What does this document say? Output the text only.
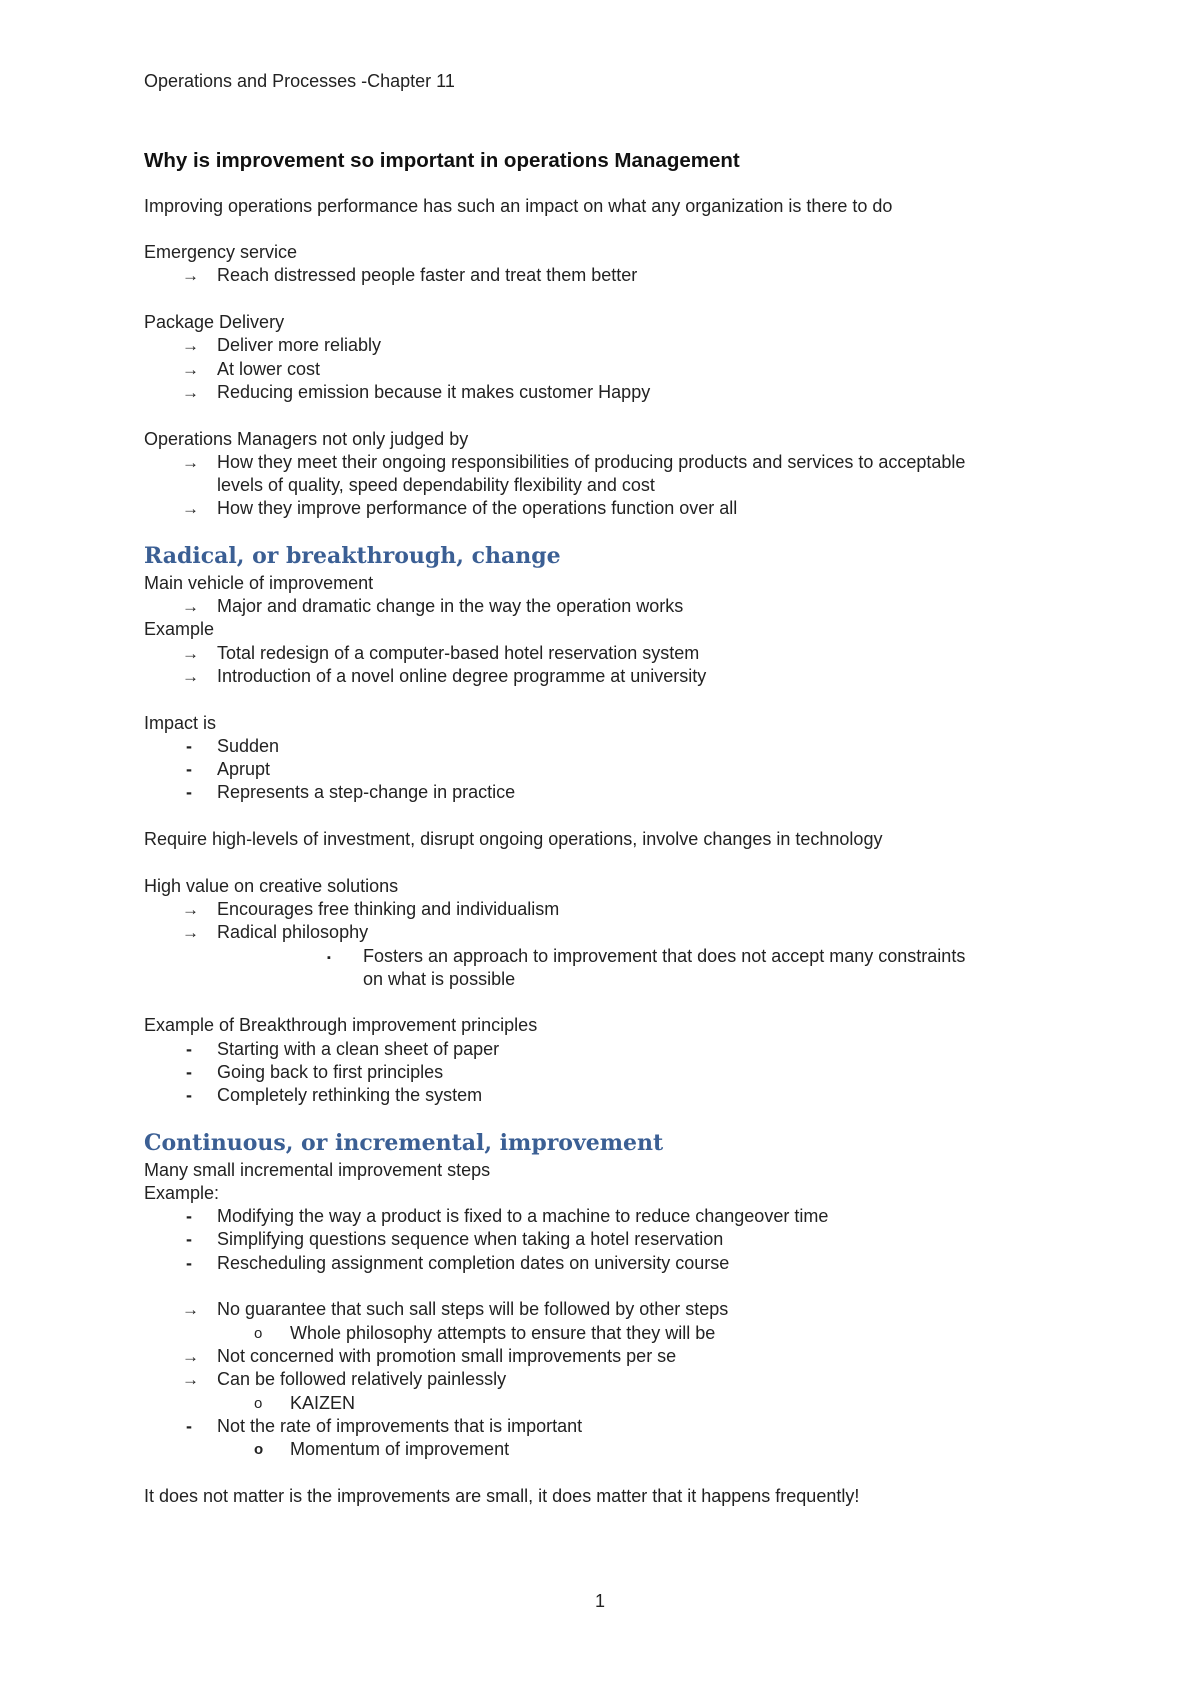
Operations and Processes -Chapter 11
Why is improvement so important in operations Management
Improving operations performance has such an impact on what any organization is there to do
Emergency service
→	Reach distressed people faster and treat them better
Package Delivery
→	Deliver more reliably
→	At lower cost
→	Reducing emission because it makes customer Happy
Operations Managers not only judged by
→	How they meet their ongoing responsibilities of producing products and services to acceptable
levels of quality, speed dependability flexibility and cost
→	How they improve performance of the operations function over all
Radical, or breakthrough, change
Main vehicle of improvement
→	Major and dramatic change in the way the operation works
Example
→	Total redesign of a computer-based hotel reservation system
→	Introduction of a novel online degree programme at university
Impact is
-	Sudden
-	Aprupt
-	Represents a step-change in practice
Require high-levels of investment, disrupt ongoing operations, involve changes in technology
High value on creative solutions
→	Encourages free thinking and individualism
→	Radical philosophy
▪	Fosters an approach to improvement that does not accept many constraints
on what is possible
Example of Breakthrough improvement principles
-	Starting with a clean sheet of paper
-	Going back to first principles
-	Completely rethinking the system
Continuous, or incremental, improvement
Many small incremental improvement steps
Example:
-	Modifying the way a product is fixed to a machine to reduce changeover time
-	Simplifying questions sequence when taking a hotel reservation
-	Rescheduling assignment completion dates on university course
→	No guarantee that such sall steps will be followed by other steps
o	Whole philosophy attempts to ensure that they will be
→	Not concerned with promotion small improvements per se
→	Can be followed relatively painlessly
o	KAIZEN
-	Not the rate of improvements that is important
o	Momentum of improvement
It does not matter is the improvements are small, it does matter that it happens frequently!
1
